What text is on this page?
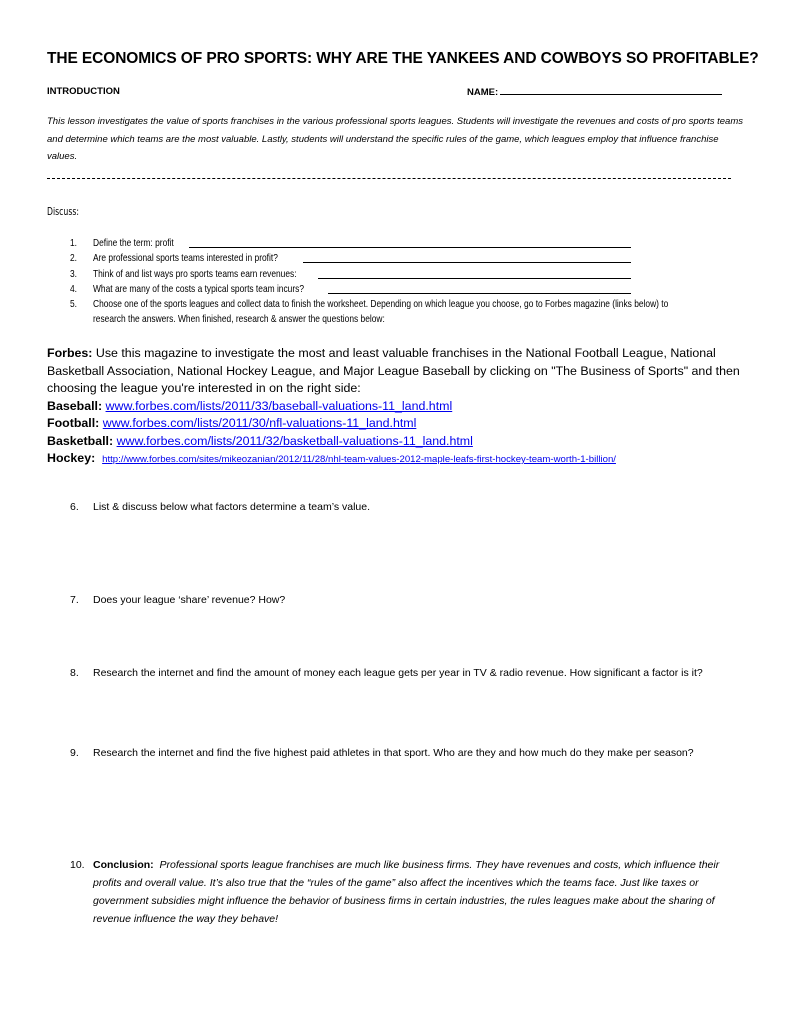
THE ECONOMICS OF PRO SPORTS: WHY ARE THE YANKEES AND COWBOYS SO PROFITABLE?
INTRODUCTION	NAME:
This lesson investigates the value of sports franchises in the various professional sports leagues. Students will investigate the revenues and costs of pro sports teams and determine which teams are the most valuable. Lastly, students will understand the specific rules of the game, which leagues employ that influence franchise values.
Discuss:
1. Define the term: profit
2. Are professional sports teams interested in profit?
3. Think of and list ways pro sports teams earn revenues:
4. What are many of the costs a typical sports team incurs?
5. Choose one of the sports leagues and collect data to finish the worksheet. Depending on which league you choose, go to Forbes magazine (links below) to
research the answers. When finished, research & answer the questions below:
Forbes: Use this magazine to investigate the most and least valuable franchises in the National Football League, National Basketball Association, National Hockey League, and Major League Baseball by clicking on "The Business of Sports" and then choosing the league you're interested in on the right side:
Baseball: www.forbes.com/lists/2011/33/baseball-valuations-11_land.html
Football: www.forbes.com/lists/2011/30/nfl-valuations-11_land.html
Basketball: www.forbes.com/lists/2011/32/basketball-valuations-11_land.html
Hockey: http://www.forbes.com/sites/mikeozanian/2012/11/28/nhl-team-values-2012-maple-leafs-first-hockey-team-worth-1-billion/
6. List & discuss below what factors determine a team’s value.
7. Does your league ‘share’ revenue? How?
8. Research the internet and find the amount of money each league gets per year in TV & radio revenue. How significant a factor is it?
9. Research the internet and find the five highest paid athletes in that sport. Who are they and how much do they make per season?
10. Conclusion: Professional sports league franchises are much like business firms. They have revenues and costs, which influence their profits and overall value. It’s also true that the “rules of the game” also affect the incentives which the teams face. Just like taxes or government subsidies might influence the behavior of business firms in certain industries, the rules leagues make about the sharing of revenue influence the way they behave!
